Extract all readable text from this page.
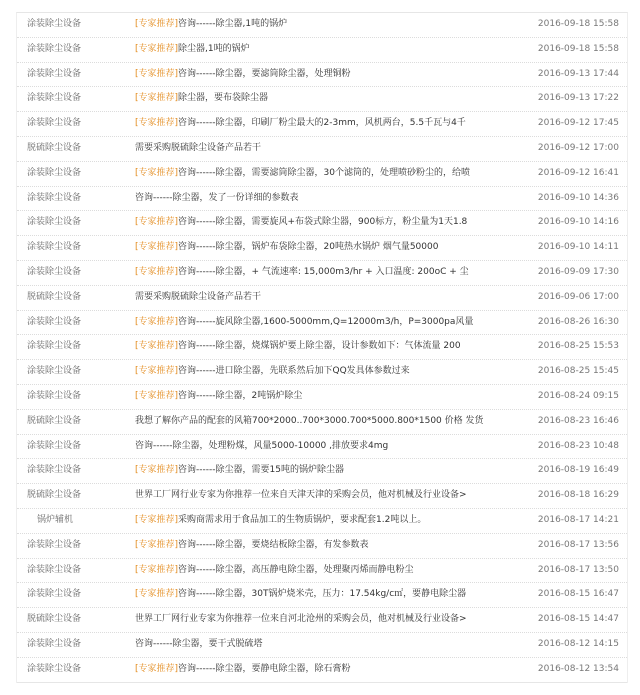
涂装除尘设备	[专家推荐]咨询------除尘器,1吨的锅炉	2016-09-18 15:58
涂装除尘设备	[专家推荐]除尘器,1吨的锅炉	2016-09-18 15:58
涂装除尘设备	[专家推荐]咨询------除尘器，要滤筒除尘器，处理铜粉	2016-09-13 17:44
涂装除尘设备	[专家推荐]除尘器，要布袋除尘器	2016-09-13 17:22
涂装除尘设备	[专家推荐]咨询------除尘器，印刷厂粉尘最大的2-3mm，风机两台，5.5千瓦与4千	2016-09-12 17:45
脱硫除尘设备	需要采购脱硫除尘设备产品若干	2016-09-12 17:00
涂装除尘设备	[专家推荐]咨询------除尘器，需要滤筒除尘器，30个滤筒的，处理喷砂粉尘的，给喷	2016-09-12 16:41
涂装除尘设备	咨询------除尘器，发了一份详细的参数表	2016-09-10 14:36
涂装除尘设备	[专家推荐]咨询------除尘器，需要旋风+布袋式除尘器，900标方，粉尘量为1天1.8	2016-09-10 14:16
涂装除尘设备	[专家推荐]咨询------除尘器，锅炉布袋除尘器，20吨热水锅炉 烟气量50000	2016-09-10 14:11
涂装除尘设备	[专家推荐]咨询------除尘器，+ 气流速率: 15,000m3/hr + 入口温度: 200oC + 尘	2016-09-09 17:30
脱硫除尘设备	需要采购脱硫除尘设备产品若干	2016-09-06 17:00
涂装除尘设备	[专家推荐]咨询------旋风除尘器,1600-5000mm,Q=12000m3/h，P=3000pa风量	2016-08-26 16:30
涂装除尘设备	[专家推荐]咨询------除尘器，烧煤锅炉要上除尘器，设计参数如下：气体流量 200	2016-08-25 15:53
涂装除尘设备	[专家推荐]咨询------进口除尘器，先联系然后加下QQ发具体参数过来	2016-08-25 15:45
涂装除尘设备	[专家推荐]咨询------除尘器，2吨锅炉除尘	2016-08-24 09:15
脱硫除尘设备	我想了解你产品的配套的风箱700*2000..700*3000.700*5000.800*1500 价格 发货	2016-08-23 16:46
涂装除尘设备	咨询------除尘器，处理粉煤，风量5000-10000 ,排放要求4mg	2016-08-23 10:48
涂装除尘设备	[专家推荐]咨询------除尘器，需要15吨的锅炉除尘器	2016-08-19 16:49
脱硫除尘设备	世界工厂网行业专家为你推荐一位来自天津天津的采购会员，他对机械及行业设备>	2016-08-18 16:29
锅炉辅机	[专家推荐]采购商需求用于食品加工的生物质锅炉，要求配套1.2吨以上。	2016-08-17 14:21
涂装除尘设备	[专家推荐]咨询------除尘器，要烧结板除尘器，有发参数表	2016-08-17 13:56
涂装除尘设备	[专家推荐]咨询------除尘器，高压静电除尘器，处理聚丙烯而静电粉尘	2016-08-17 13:50
涂装除尘设备	[专家推荐]咨询------除尘器，30T锅炉烧米壳，压力：17.54kg/c㎡，要静电除尘器	2016-08-15 16:47
脱硫除尘设备	世界工厂网行业专家为你推荐一位来自河北沧州的采购会员，他对机械及行业设备>	2016-08-15 14:47
涂装除尘设备	咨询------除尘器，要干式脱硫塔	2016-08-12 14:15
涂装除尘设备	[专家推荐]咨询------除尘器，要静电除尘器，除石膏粉	2016-08-12 13:54
